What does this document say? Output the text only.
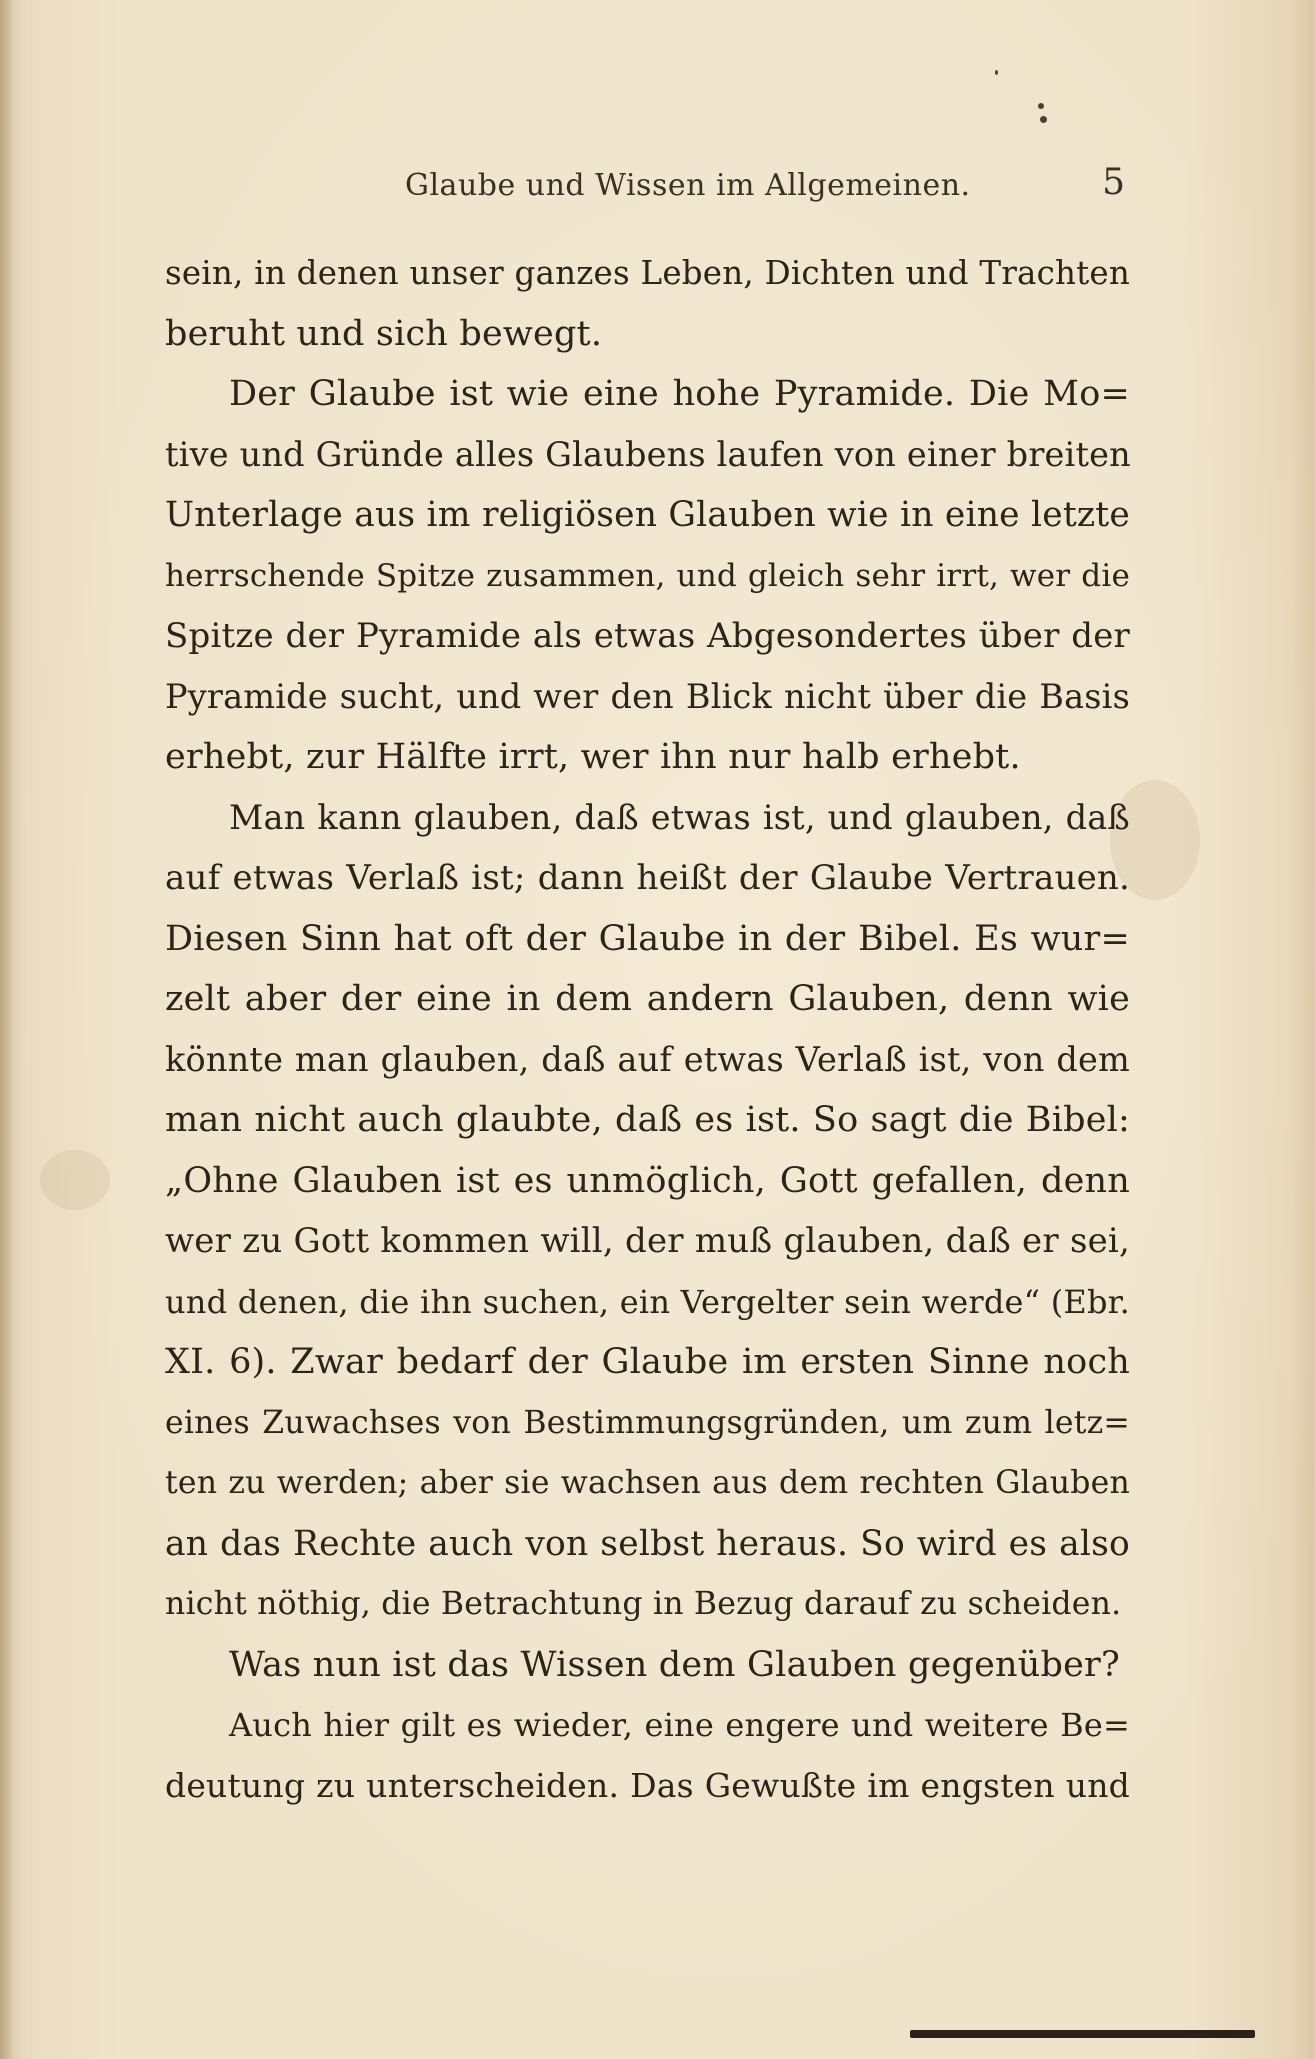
Glaube und Wissen im Allgemeinen.	5
sein, in denen unser ganzes Leben, Dichten und Trachten
beruht und sich bewegt.
Der Glaube ist wie eine hohe Pyramide. Die Mo=
tive und Gründe alles Glaubens laufen von einer breiten
Unterlage aus im religiösen Glauben wie in eine letzte
herrschende Spitze zusammen, und gleich sehr irrt, wer die
Spitze der Pyramide als etwas Abgesondertes über der
Pyramide sucht, und wer den Blick nicht über die Basis
erhebt, zur Hälfte irrt, wer ihn nur halb erhebt.
Man kann glauben, daß etwas ist, und glauben, daß
auf etwas Verlaß ist; dann heißt der Glaube Vertrauen.
Diesen Sinn hat oft der Glaube in der Bibel. Es wur=
zelt aber der eine in dem andern Glauben, denn wie
könnte man glauben, daß auf etwas Verlaß ist, von dem
man nicht auch glaubte, daß es ist. So sagt die Bibel:
„Ohne Glauben ist es unmöglich, Gott gefallen, denn
wer zu Gott kommen will, der muß glauben, daß er sei,
und denen, die ihn suchen, ein Vergelter sein werde“ (Ebr.
XI. 6). Zwar bedarf der Glaube im ersten Sinne noch
eines Zuwachses von Bestimmungsgründen, um zum letz=
ten zu werden; aber sie wachsen aus dem rechten Glauben
an das Rechte auch von selbst heraus. So wird es also
nicht nöthig, die Betrachtung in Bezug darauf zu scheiden.
Was nun ist das Wissen dem Glauben gegenüber?
Auch hier gilt es wieder, eine engere und weitere Be=
deutung zu unterscheiden. Das Gewußte im engsten und
